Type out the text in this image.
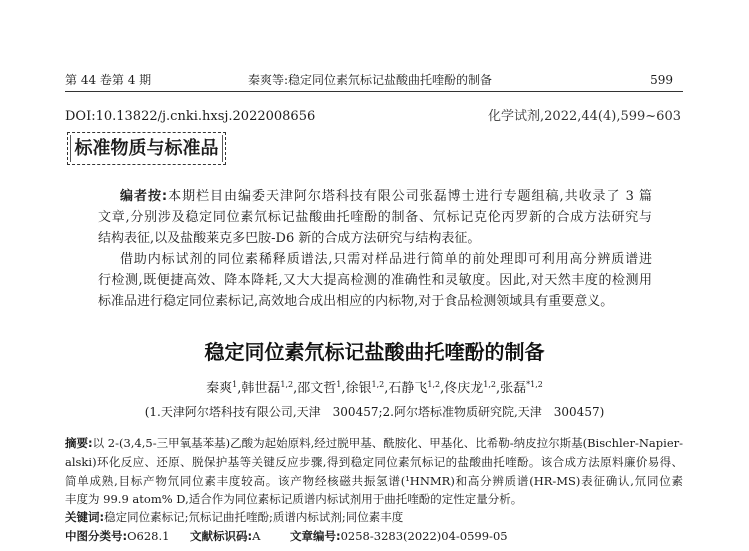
第 44 卷第 4 期	秦爽等:稳定同位素氘标记盐酸曲托喹酚的制备	599
DOI:10.13822/j.cnki.hxsj.2022008656	化学试剂,2022,44(4),599~603
标准物质与标准品
编者按:本期栏目由编委天津阿尔塔科技有限公司张磊博士进行专题组稿,共收录了 3 篇
文章,分别涉及稳定同位素氘标记盐酸曲托喹酚的制备、氘标记克伦丙罗新的合成方法研究与
结构表征,以及盐酸莱克多巴胺-D6 新的合成方法研究与结构表征。
借助内标试剂的同位素稀释质谱法,只需对样品进行简单的前处理即可利用高分辨质谱进
行检测,既便捷高效、降本降耗,又大大提高检测的准确性和灵敏度。因此,对天然丰度的检测用
标准品进行稳定同位素标记,高效地合成出相应的内标物,对于食品检测领域具有重要意义。
稳定同位素氘标记盐酸曲托喹酚的制备
秦爽$^1$,韩世磊$^{1,2}$,邵文哲$^1$,徐银$^{1,2}$,石静飞$^{1,2}$,佟庆龙$^{1,2}$,张磊$^{*1,2}$
(1.天津阿尔塔科技有限公司,天津　300457;2.阿尔塔标准物质研究院,天津　300457)
摘要:以 2-(3,4,5-三甲氧基苯基)乙酸为起始原料,经过脱甲基、酰胺化、甲基化、比希勒-纳皮拉尔斯基(Bischler-Napier-
alski)环化反应、还原、脱保护基等关键反应步骤,得到稳定同位素氘标记的盐酸曲托喹酚。该合成方法原料廉价易得、
简单成熟,目标产物氘同位素丰度较高。该产物经核磁共振氢谱(¹HNMR)和高分辨质谱(HR-MS)表征确认,氘同位素
丰度为 99.9 atom% D,适合作为同位素标记质谱内标试剂用于曲托喹酚的定性定量分析。
关键词:稳定同位素标记;氘标记曲托喹酚;质谱内标试剂;同位素丰度
中图分类号:O628.1	文献标识码:A	文章编号:0258-3283(2022)04-0599-05
